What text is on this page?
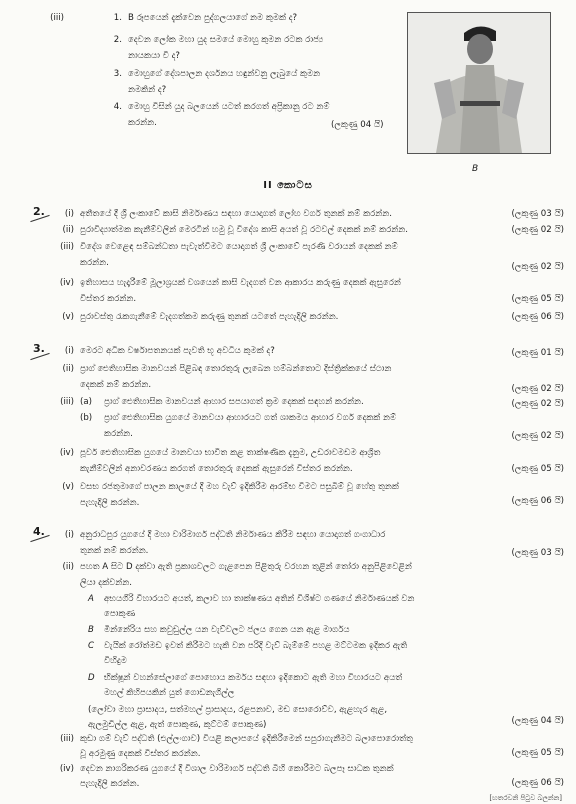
(iii)	1. B රූපයෙන් දැක්වෙන පුද්ගලයාගේ නම කුමක් ද?
2. දෙවන ලෝක මහා යුද සමයේ මොහු කුමන රටක රාජ්‍ය
නායකයා වී ද?
3. මොහුගේ දේශපාලන දර්ශනය හඳුන්වනු ලැබුයේ කුමන
නමකින් ද?
4. මොහු විසින් යුද බලයෙන් යටත් කරගත් අප්‍රිකානු රට නම්
කරන්න.	(ලකුණු 04 යි)
B
II කොටස
2.	(i) අතීතයේ දී ශ්‍රී ලංකාවේ කාසි නිර්මාණය සඳහා යොදාගත් ලෝහ වර්ග තුනක් නම් කරන්න.	(ලකුණු 03 යි)
(ii) පුරාවිද්‍යාත්මක කැනීම්වලින් මෙරටින් හමු වූ විදේශ කාසි අයත් වූ රටවල් දෙකක් නම් කරන්න.	(ලකුණු 02 යි)
(iii) විදේශ වෙළෙඳ සම්බන්ධතා පැවැත්වීමට යොදාගත් ශ්‍රී ලංකාවේ පැරණි වරායන් දෙකක් නම්
කරන්න.	(ලකුණු 02 යි)
(iv) ඉතිහාසය හැදෑරීමේ මූලාශ්‍රයක් වශයෙන් කාසි වැදගත් වන ආකාරය කරුණු දෙකක් ඇසුරෙන්
විස්තර කරන්න.	(ලකුණු 05 යි)
(v) පුරාවස්තු රැකගැනීමේ වැදගත්කම කරුණු තුනක් යටතේ පැහැදිලි කරන්න.	(ලකුණු 06 යි)
3.	(i) මෙරට අධික වර්ෂාපතනයක් පැවති භූ අවධිය කුමක් ද?	(ලකුණු 01 යි)
(ii) ප්‍රාග් ඓතිහාසික මානවයන් පිළිබඳ තොරතුරු ලැබෙන හම්බන්තොට දිස්ත්‍රික්කයේ ස්ථාන
දෙකක් නම් කරන්න.	(ලකුණු 02 යි)
(iii) (a) ප්‍රාග් ඓතිහාසික මානවයන් ආහාර සපයාගත් ක්‍රම දෙකක් සඳහන් කරන්න.	(ලකුණු 02 යි)
(b) ප්‍රාග් ඓතිහාසික යුගයේ මානවයා ආහාරයට ගත් ශාකමය ආහාර වර්ග දෙකක් නම්
කරන්න.	(ලකුණු 02 යි)
(iv) පූර්ව ඓතිහාසික යුගයේ මානවයා භාවිත කළ තාක්ෂණික දැනුම, උඩරාවමඩම ආශ්‍රිත
කැනීම්වලින් අනාවරණය කරගත් තොරතුරු දෙකක් ඇසුරෙන් විස්තර කරන්න.	(ලකුණු 05 යි)
(v) වසභ රජතුමාගේ පාලන කාලයේ දී මහ වැව් ඉදිකිරීම ආරම්භ වීමට පසුබිම් වූ හේතු තුනක්
පැහැදිලි කරන්න.	(ලකුණු 06 යි)
4.	(i) අනුරාධපුර යුගයේ දී මහා වාරිමාර්ග පද්ධති නිර්මාණය කිරීම සඳහා යොදාගත් ගංගාධාර
තුනක් නම් කරන්න.	(ලකුණු 03 යි)
(ii) පහත A සිට D දක්වා ඇති ප්‍රකාශවලට ගැළපෙන පිළිතුරු වරහන තුළින් තෝරා අනුපිළිවෙළින්
ලියා දක්වන්න.
A අභයගිරි විහාරයට අයත්, කලාව හා තාක්ෂණය අතින් විශිෂ්ට ගණයේ නිර්මාණයක් වන
පොකුණ
B මින්නේරිය සහ කවුඩුල්ල යන වැව්වලට ජලය ගෙන යන ඇළ මාර්ගය
C වැයික් රෝත්මඩ ඉවත් කිරීමට හැකි වන පරිදි වැව් බැම්මේ පහළ මට්ටමක ඉදිකර ඇති
විහිදුම
D භික්ෂූන් වහන්සේලාගේ පොහොය කර්මය සඳහා ඉදිකොට ඇති මහා විහාරයට අයත්
මහල් කිහිපයකින් යුත් ගොඩනැගිල්ල
(ලෝවා මහා ප්‍රාසාදය, සත්මහල් ප්‍රාසාදය, රළපනාව, මඩ සොරොව්ව, ඇළහැර ඇළ,
ඇලමුඩිල්ල ඇළ, ඇත් පොකුණ, කුට්ටම් පොකුණ)	(ලකුණු 04 යි)
(iii) කුඩා ගම් වැව් පද්ධති (එල්ලංගාව) වියළි කලාපයේ ඉදිකිරීමෙන් සපුරාගැනීමට බලාපොරොත්තු
වූ අරමුණු දෙකක් විස්තර කරන්න.	(ලකුණු 05 යි)
(iv) දෙවන නාගරිකරණ යුගයේ දී විශාල වාරිමාර්ග පද්ධති බිහි කොරීමට බලපෑ සාධක තුනක්
පැහැදිලි කරන්න.	(ලකුණු 06 යි)
[හතරවනි පිටුව බලන්න]
